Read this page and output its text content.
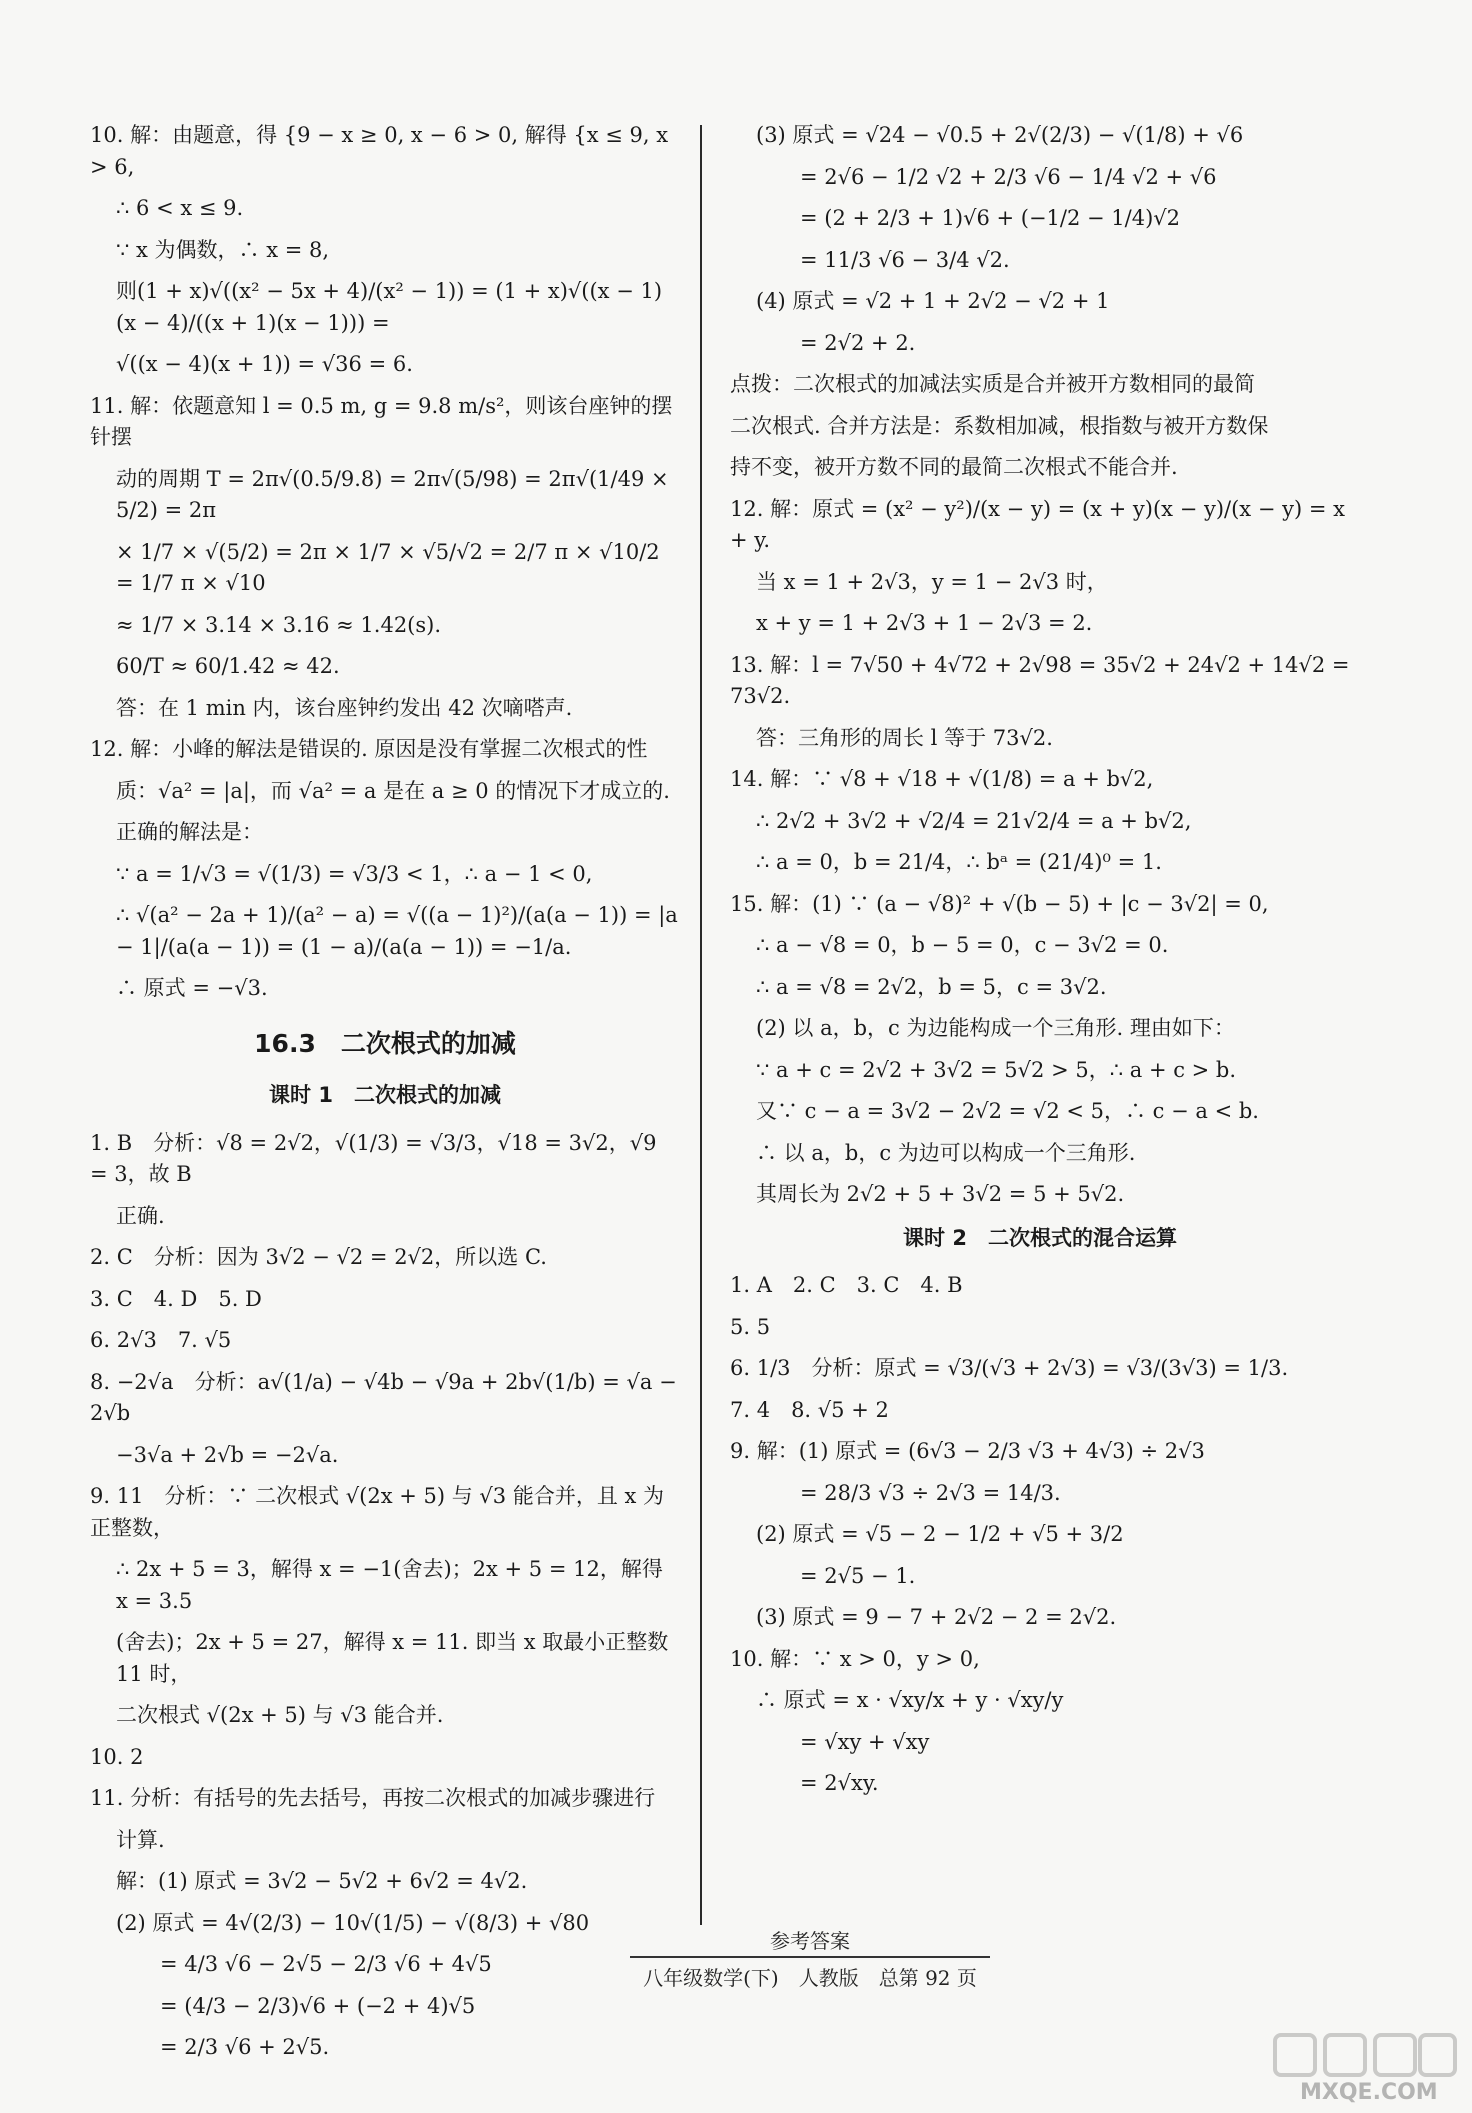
10. 解：由题意，得 {9 − x ≥ 0, x − 6 > 0, 解得 {x ≤ 9, x > 6,
∴ 6 < x ≤ 9.
∵ x 为偶数，∴ x = 8,
则(1 + x)√((x² − 5x + 4)/(x² − 1)) = (1 + x)√((x − 1)(x − 4)/((x + 1)(x − 1))) =
√((x − 4)(x + 1)) = √36 = 6.
11. 解：依题意知 l = 0.5 m, g = 9.8 m/s²，则该台座钟的摆针摆
动的周期 T = 2π√(0.5/9.8) = 2π√(5/98) = 2π√(1/49 × 5/2) = 2π
× 1/7 × √(5/2) = 2π × 1/7 × √5/√2 = 2/7 π × √10/2 = 1/7 π × √10
≈ 1/7 × 3.14 × 3.16 ≈ 1.42(s).
60/T ≈ 60/1.42 ≈ 42.
答：在 1 min 内，该台座钟约发出 42 次嘀嗒声.
12. 解：小峰的解法是错误的. 原因是没有掌握二次根式的性
质：√a² = |a|，而 √a² = a 是在 a ≥ 0 的情况下才成立的.
正确的解法是：
∵ a = 1/√3 = √(1/3) = √3/3 < 1，∴ a − 1 < 0,
∴ √(a² − 2a + 1)/(a² − a) = √((a − 1)²)/(a(a − 1)) = |a − 1|/(a(a − 1)) = (1 − a)/(a(a − 1)) = −1/a.
∴ 原式 = −√3.
16.3　二次根式的加减
课时 1　二次根式的加减
1. B　分析：√8 = 2√2，√(1/3) = √3/3，√18 = 3√2，√9 = 3，故 B
正确.
2. C　分析：因为 3√2 − √2 = 2√2，所以选 C.
3. C　4. D　5. D
6. 2√3　7. √5
8. −2√a　分析：a√(1/a) − √4b − √9a + 2b√(1/b) = √a − 2√b
−3√a + 2√b = −2√a.
9. 11　分析：∵ 二次根式 √(2x + 5) 与 √3 能合并，且 x 为正整数，
∴ 2x + 5 = 3，解得 x = −1(舍去)；2x + 5 = 12，解得 x = 3.5
(舍去)；2x + 5 = 27，解得 x = 11. 即当 x 取最小正整数 11 时，
二次根式 √(2x + 5) 与 √3 能合并.
10. 2
11. 分析：有括号的先去括号，再按二次根式的加减步骤进行
计算.
解：(1) 原式 = 3√2 − 5√2 + 6√2 = 4√2.
(2) 原式 = 4√(2/3) − 10√(1/5) − √(8/3) + √80
= 4/3 √6 − 2√5 − 2/3 √6 + 4√5
= (4/3 − 2/3)√6 + (−2 + 4)√5
= 2/3 √6 + 2√5.
(3) 原式 = √24 − √0.5 + 2√(2/3) − √(1/8) + √6
= 2√6 − 1/2 √2 + 2/3 √6 − 1/4 √2 + √6
= (2 + 2/3 + 1)√6 + (−1/2 − 1/4)√2
= 11/3 √6 − 3/4 √2.
(4) 原式 = √2 + 1 + 2√2 − √2 + 1
= 2√2 + 2.
点拨：二次根式的加减法实质是合并被开方数相同的最简
二次根式. 合并方法是：系数相加减，根指数与被开方数保
持不变，被开方数不同的最简二次根式不能合并.
12. 解：原式 = (x² − y²)/(x − y) = (x + y)(x − y)/(x − y) = x + y.
当 x = 1 + 2√3，y = 1 − 2√3 时，
x + y = 1 + 2√3 + 1 − 2√3 = 2.
13. 解：l = 7√50 + 4√72 + 2√98 = 35√2 + 24√2 + 14√2 = 73√2.
答：三角形的周长 l 等于 73√2.
14. 解：∵ √8 + √18 + √(1/8) = a + b√2,
∴ 2√2 + 3√2 + √2/4 = 21√2/4 = a + b√2,
∴ a = 0，b = 21/4，∴ bᵃ = (21/4)⁰ = 1.
15. 解：(1) ∵ (a − √8)² + √(b − 5) + |c − 3√2| = 0,
∴ a − √8 = 0，b − 5 = 0，c − 3√2 = 0.
∴ a = √8 = 2√2，b = 5，c = 3√2.
(2) 以 a，b，c 为边能构成一个三角形. 理由如下：
∵ a + c = 2√2 + 3√2 = 5√2 > 5，∴ a + c > b.
又∵ c − a = 3√2 − 2√2 = √2 < 5，∴ c − a < b.
∴ 以 a，b，c 为边可以构成一个三角形.
其周长为 2√2 + 5 + 3√2 = 5 + 5√2.
课时 2　二次根式的混合运算
1. A　2. C　3. C　4. B
5. 5
6. 1/3　分析：原式 = √3/(√3 + 2√3) = √3/(3√3) = 1/3.
7. 4　8. √5 + 2
9. 解：(1) 原式 = (6√3 − 2/3 √3 + 4√3) ÷ 2√3
= 28/3 √3 ÷ 2√3 = 14/3.
(2) 原式 = √5 − 2 − 1/2 + √5 + 3/2
= 2√5 − 1.
(3) 原式 = 9 − 7 + 2√2 − 2 = 2√2.
10. 解：∵ x > 0，y > 0,
∴ 原式 = x · √xy/x + y · √xy/y
= √xy + √xy
= 2√xy.
参考答案
八年级数学(下)　人教版　总第 92 页
MXQE.COM
